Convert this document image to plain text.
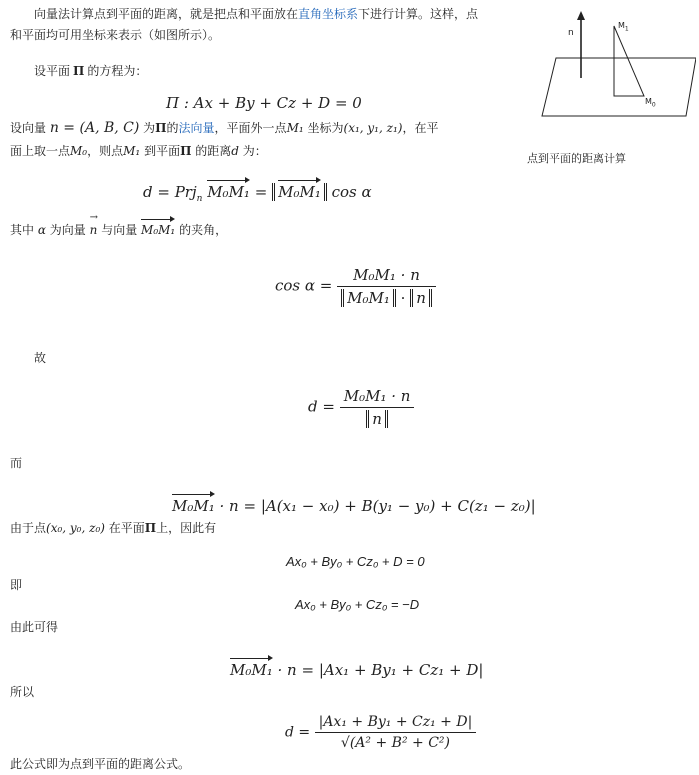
向量法计算点到平面的距离，就是把点和平面放在直角坐标系下进行计算。这样，点
和平面均可用坐标来表示（如图所示）。	n
$M_1$
$M_0$
点到平面的距离计算
设平面 Π 的方程为：
Π : Ax + By + Cz + D = 0
设向量 n = (A, B, C) 为Π的法向量，平面外一点M₁ 坐标为(x₁, y₁, z₁)，在平
面上取一点M₀，则点M₁ 到平面Π 的距离d 为：
d = Prj$_n$ M₀M₁ = M₀M₁ cos α
其中 α 为向量 → n 与向量 M₀M₁ 的夹角，
$\cos \alpha = \frac{\text{M₀M₁ · n}}{\text{M₀M₁ · n}}$
故
$d = \frac{\text{M₀M₁ · n}}{n}$
而
M₀M₁ · n = |A(x₁ − x₀) + B(y₁ − y₀) + C(z₁ − z₀)|
由于点(x₀, y₀, z₀) 在平面Π上，因此有
Ax₀ + By₀ + Cz₀ + D = 0
即
Ax₀ + By₀ + Cz₀ = −D
由此可得
M₀M₁ · n = |Ax₁ + By₁ + Cz₁ + D|
所以
$d = \frac{\text{|Ax₁ + By₁ + Cz₁ + D|}}{\text{√(A² + B² + C²)}}$
此公式即为点到平面的距离公式。
